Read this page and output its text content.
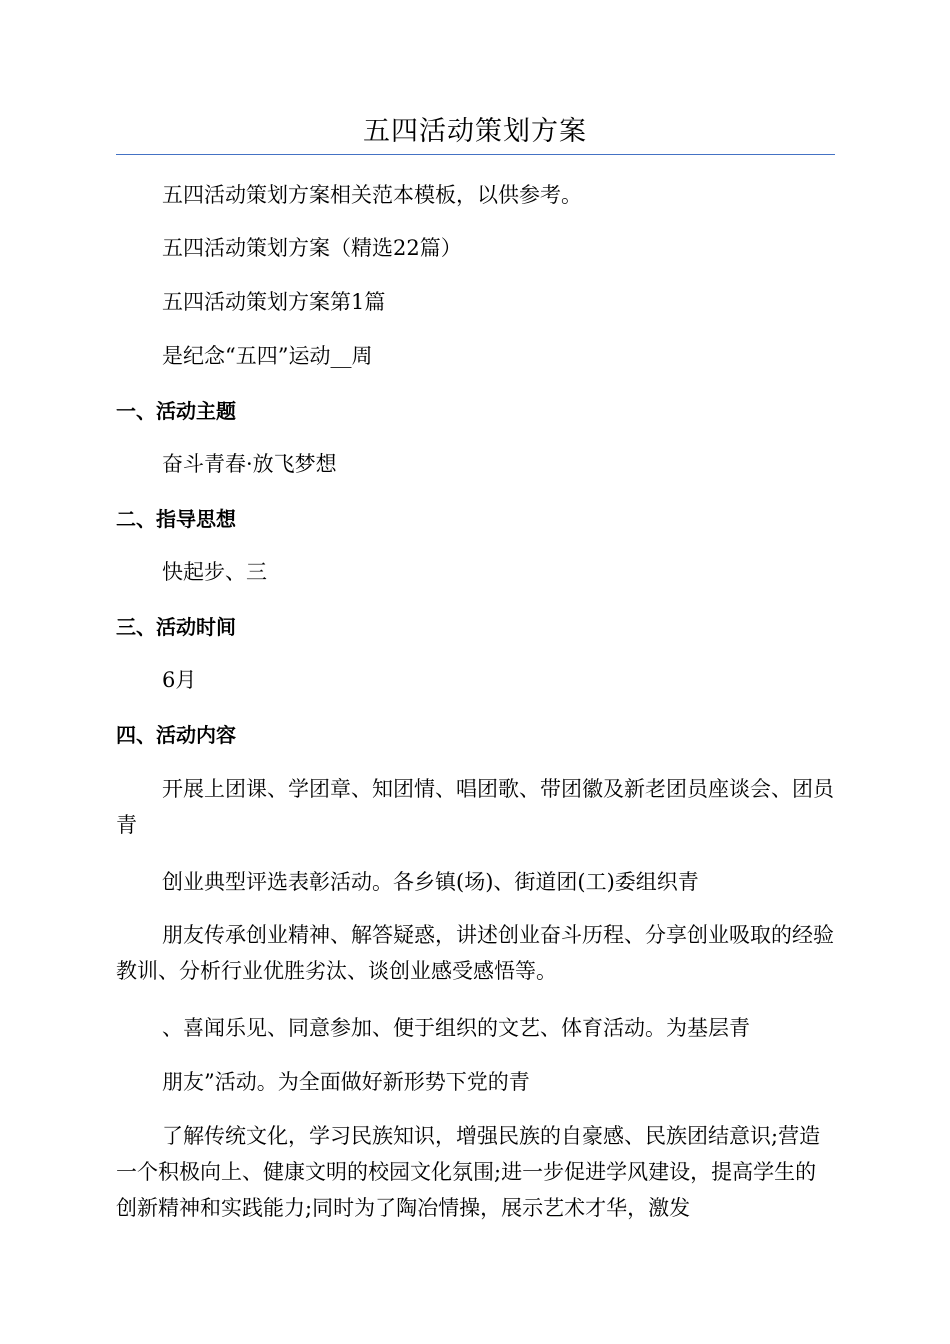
五四活动策划方案
五四活动策划方案相关范本模板，以供参考。
五四活动策划方案（精选22篇）
五四活动策划方案第1篇
是纪念“五四”运动__周
一、活动主题
奋斗青春·放飞梦想
二、指导思想
快起步、三
三、活动时间
6月
四、活动内容
开展上团课、学团章、知团情、唱团歌、带团徽及新老团员座谈会、团员青
创业典型评选表彰活动。各乡镇(场)、街道团(工)委组织青
朋友传承创业精神、解答疑惑，讲述创业奋斗历程、分享创业吸取的经验教训、分析行业优胜劣汰、谈创业感受感悟等。
、喜闻乐见、同意参加、便于组织的文艺、体育活动。为基层青
朋友”活动。为全面做好新形势下党的青
了解传统文化，学习民族知识，增强民族的自豪感、民族团结意识;营造一个积极向上、健康文明的校园文化氛围;进一步促进学风建设，提高学生的创新精神和实践能力;同时为了陶冶情操，展示艺术才华，激发
